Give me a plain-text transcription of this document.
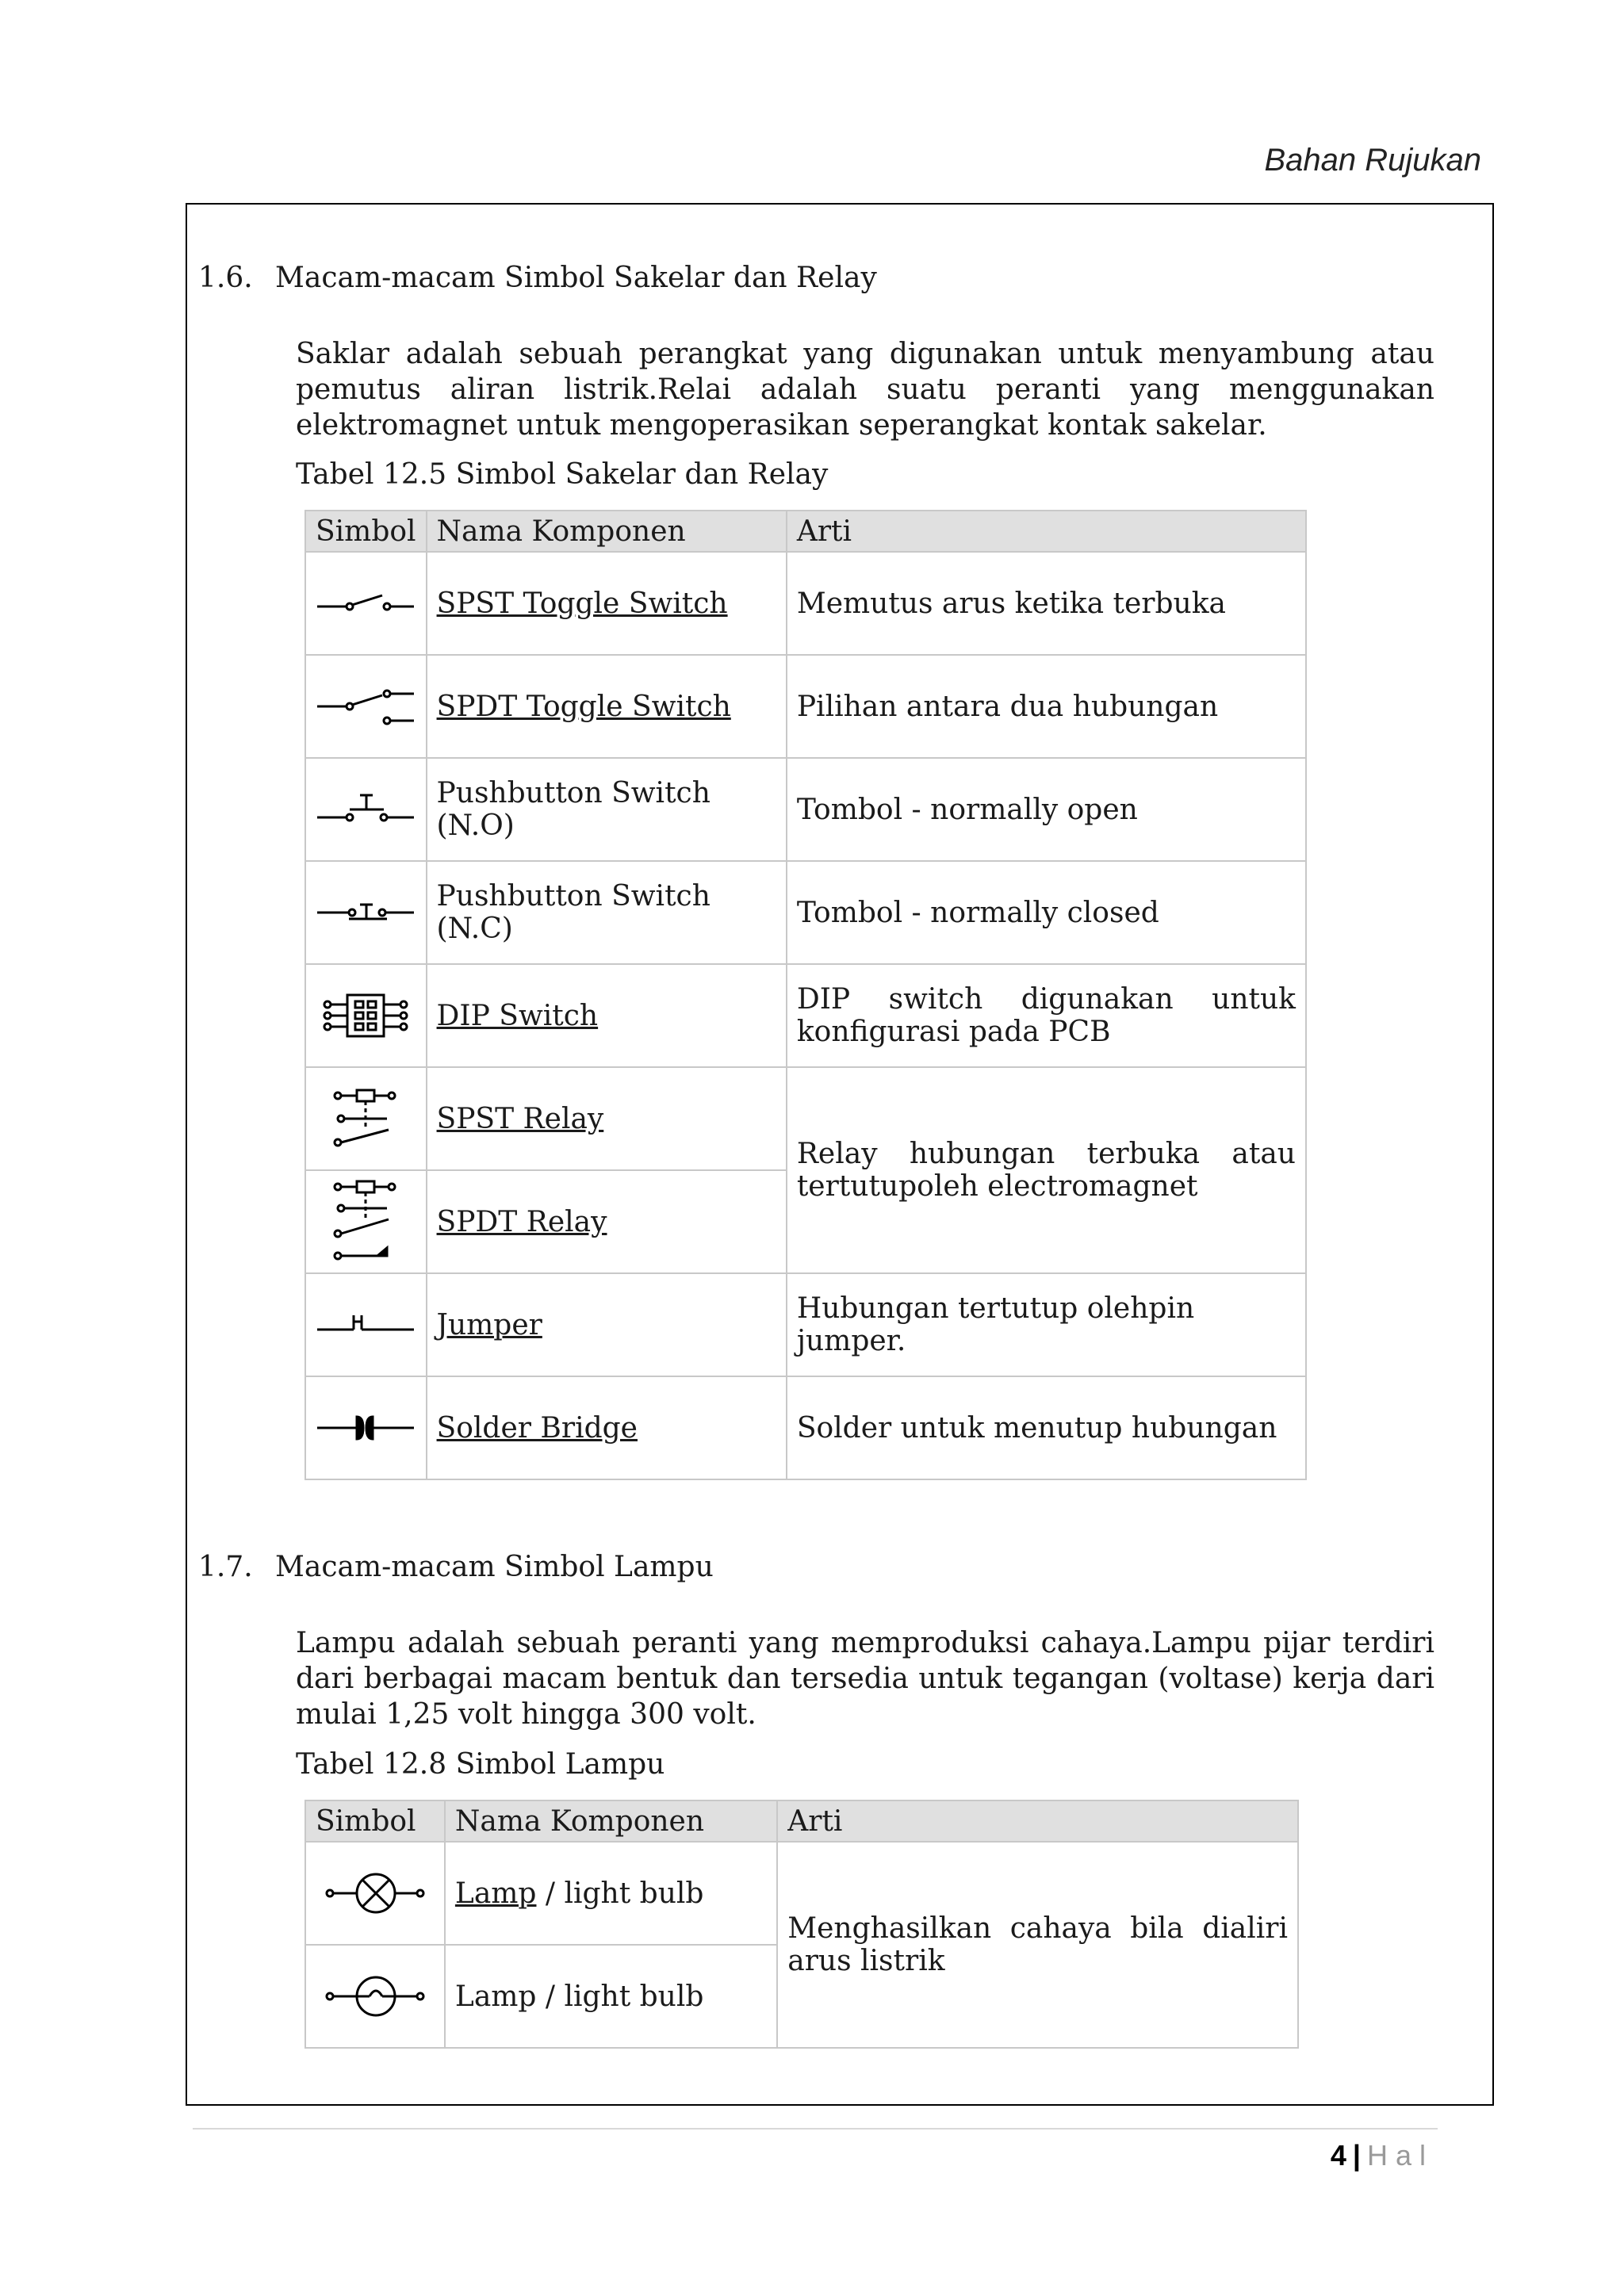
Bahan Rujukan
1.6. Macam-macam Simbol Sakelar dan Relay
Saklar adalah sebuah perangkat yang digunakan untuk menyambung atau pemutus aliran listrik.Relai adalah suatu peranti yang menggunakan elektromagnet untuk mengoperasikan seperangkat kontak sakelar.
Tabel 12.5 Simbol Sakelar dan Relay
Simbol	Nama Komponen	Arti

	SPST Toggle Switch	Memutus arus ketika terbuka

	SPDT Toggle Switch	Pilihan antara dua hubungan

	Pushbutton Switch (N.O)	Tombol - normally open

	Pushbutton Switch (N.C)	Tombol - normally closed

	DIP Switch	DIP switch digunakan untuk konfigurasi pada PCB

	SPST Relay	Relay hubungan terbuka atau tertutupoleh electromagnet

	SPDT Relay	

	Jumper	Hubungan tertutup olehpin jumper.

	Solder Bridge	Solder untuk menutup hubungan
1.7. Macam-macam Simbol Lampu
Lampu adalah sebuah peranti yang memproduksi cahaya.Lampu pijar terdiri dari berbagai macam bentuk dan tersedia untuk tegangan (voltase) kerja dari mulai 1,25 volt hingga 300 volt.
Tabel 12.8 Simbol Lampu
Simbol	Nama Komponen	Arti

	Lamp / light bulb	Menghasilkan cahaya bila dialiri arus listrik

	Lamp / light bulb	
4 | Hal
